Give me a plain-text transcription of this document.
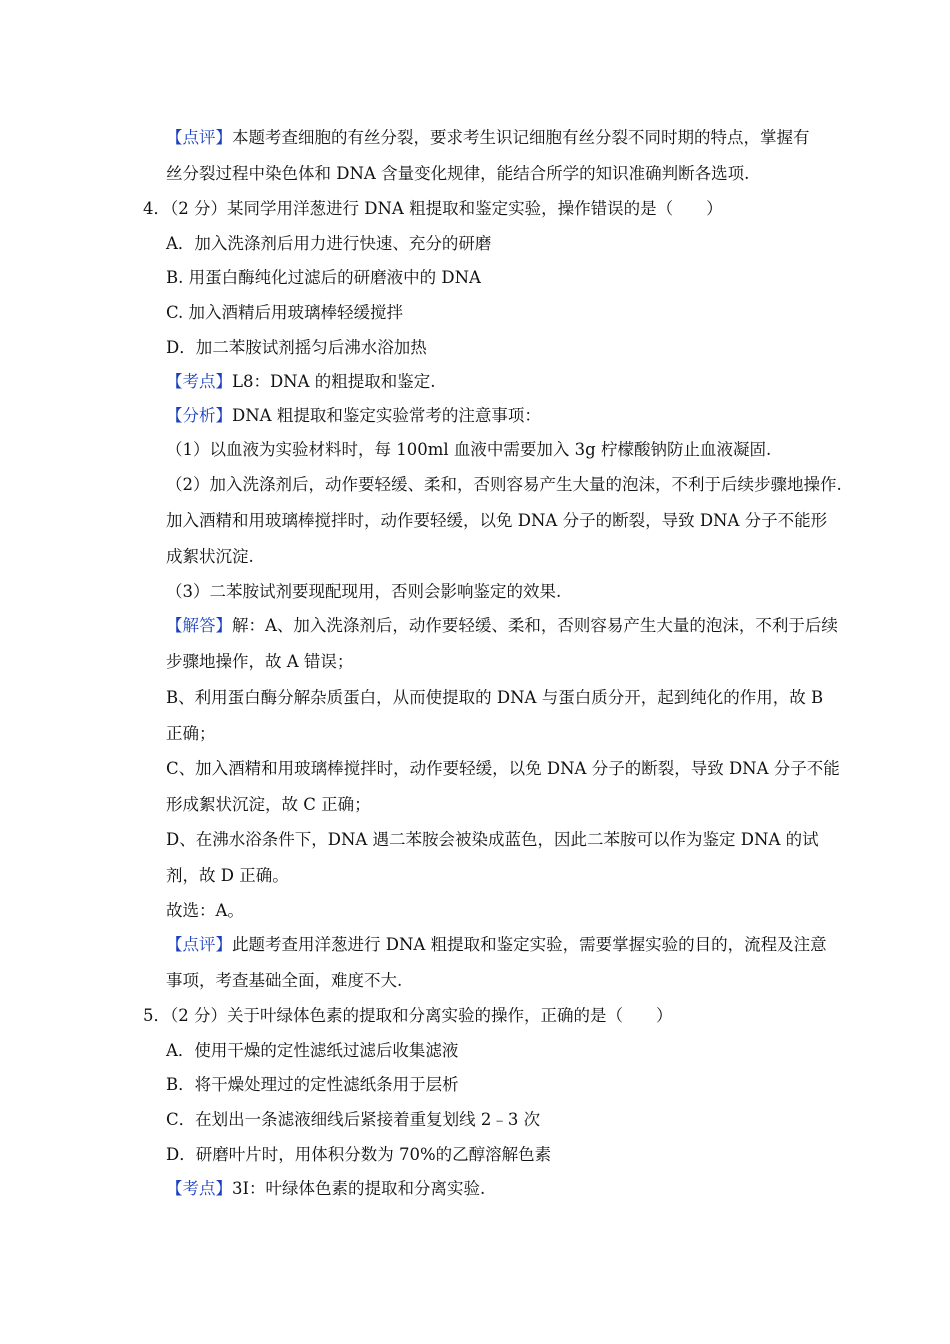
【点评】本题考查细胞的有丝分裂，要求考生识记细胞有丝分裂不同时期的特点，掌握有
丝分裂过程中染色体和 DNA 含量变化规律，能结合所学的知识准确判断各选项.
4．（2 分）某同学用洋葱进行 DNA 粗提取和鉴定实验，操作错误的是（　　）
A．加入洗涤剂后用力进行快速、充分的研磨
B. 用蛋白酶纯化过滤后的研磨液中的 DNA
C. 加入酒精后用玻璃棒轻缓搅拌
D．加二苯胺试剂摇匀后沸水浴加热
【考点】L8：DNA 的粗提取和鉴定.
【分析】DNA 粗提取和鉴定实验常考的注意事项：
（1）以血液为实验材料时，每 100ml 血液中需要加入 3g 柠檬酸钠防止血液凝固.
（2）加入洗涤剂后，动作要轻缓、柔和，否则容易产生大量的泡沫，不利于后续步骤地操作.
加入酒精和用玻璃棒搅拌时，动作要轻缓，以免 DNA 分子的断裂，导致 DNA 分子不能形
成絮状沉淀.
（3）二苯胺试剂要现配现用，否则会影响鉴定的效果.
【解答】解：A、加入洗涤剂后，动作要轻缓、柔和，否则容易产生大量的泡沫，不利于后续
步骤地操作，故 A 错误；
B、利用蛋白酶分解杂质蛋白，从而使提取的 DNA 与蛋白质分开，起到纯化的作用，故 B
正确；
C、加入酒精和用玻璃棒搅拌时，动作要轻缓，以免 DNA 分子的断裂，导致 DNA 分子不能
形成絮状沉淀，故 C 正确；
D、在沸水浴条件下，DNA 遇二苯胺会被染成蓝色，因此二苯胺可以作为鉴定 DNA 的试
剂，故 D 正确。
故选：A。
【点评】此题考查用洋葱进行 DNA 粗提取和鉴定实验，需要掌握实验的目的，流程及注意
事项，考查基础全面，难度不大.
5．（2 分）关于叶绿体色素的提取和分离实验的操作，正确的是（　　）
A．使用干燥的定性滤纸过滤后收集滤液
B．将干燥处理过的定性滤纸条用于层析
C．在划出一条滤液细线后紧接着重复划线 2﹣3 次
D．研磨叶片时，用体积分数为 70%的乙醇溶解色素
【考点】3I：叶绿体色素的提取和分离实验.
